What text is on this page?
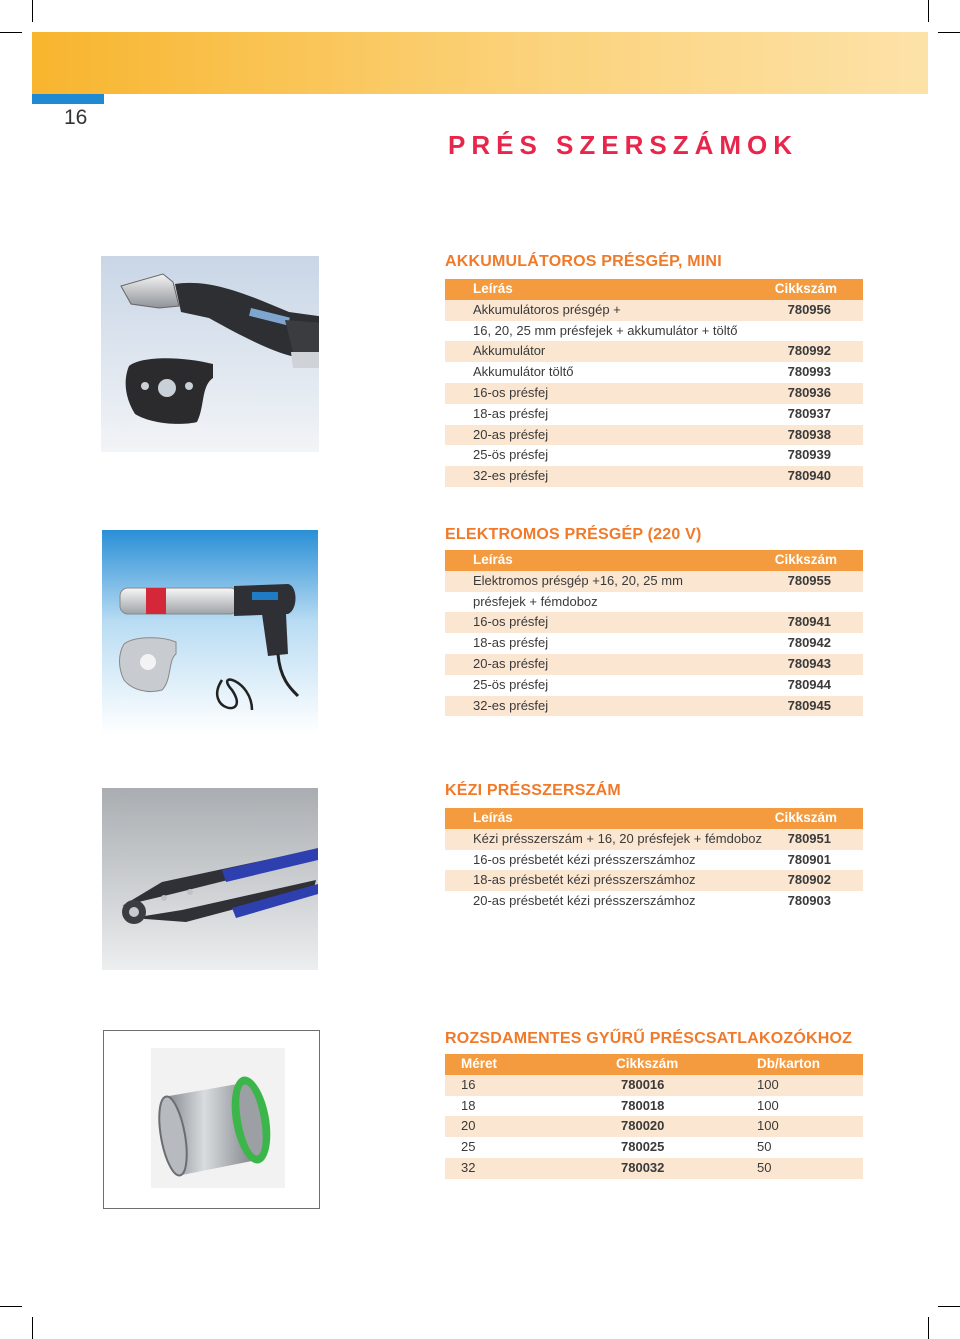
16
PRÉS SZERSZÁMOK
AKKUMULÁTOROS PRÉSGÉP, MINI
Leírás	Cikkszám
Akkumulátoros présgép +	780956
16, 20, 25 mm présfejek + akkumulátor + töltő
Akkumulátor	780992
Akkumulátor töltő	780993
16-os présfej	780936
18-as présfej	780937
20-as présfej	780938
25-ös présfej	780939
32-es présfej	780940
ELEKTROMOS PRÉSGÉP (220 V)
Leírás	Cikkszám
Elektromos présgép +16, 20, 25 mm	780955
présfejek + fémdoboz
16-os présfej	780941
18-as présfej	780942
20-as présfej	780943
25-ös présfej	780944
32-es présfej	780945
KÉZI PRÉSSZERSZÁM
Leírás	Cikkszám
Kézi présszerszám + 16, 20 présfejek + fémdoboz 780951
16-os présbetét kézi présszerszámhoz	780901
18-as présbetét kézi présszerszámhoz	780902
20-as présbetét kézi présszerszámhoz	780903
ROZSDAMENTES GYŰRŰ PRÉSCSATLAKOZÓKHOZ
Méret	Cikkszám	Db/karton
16	780016	100
18	780018	100
20	780020	100
25	780025	50
32	780032	50
